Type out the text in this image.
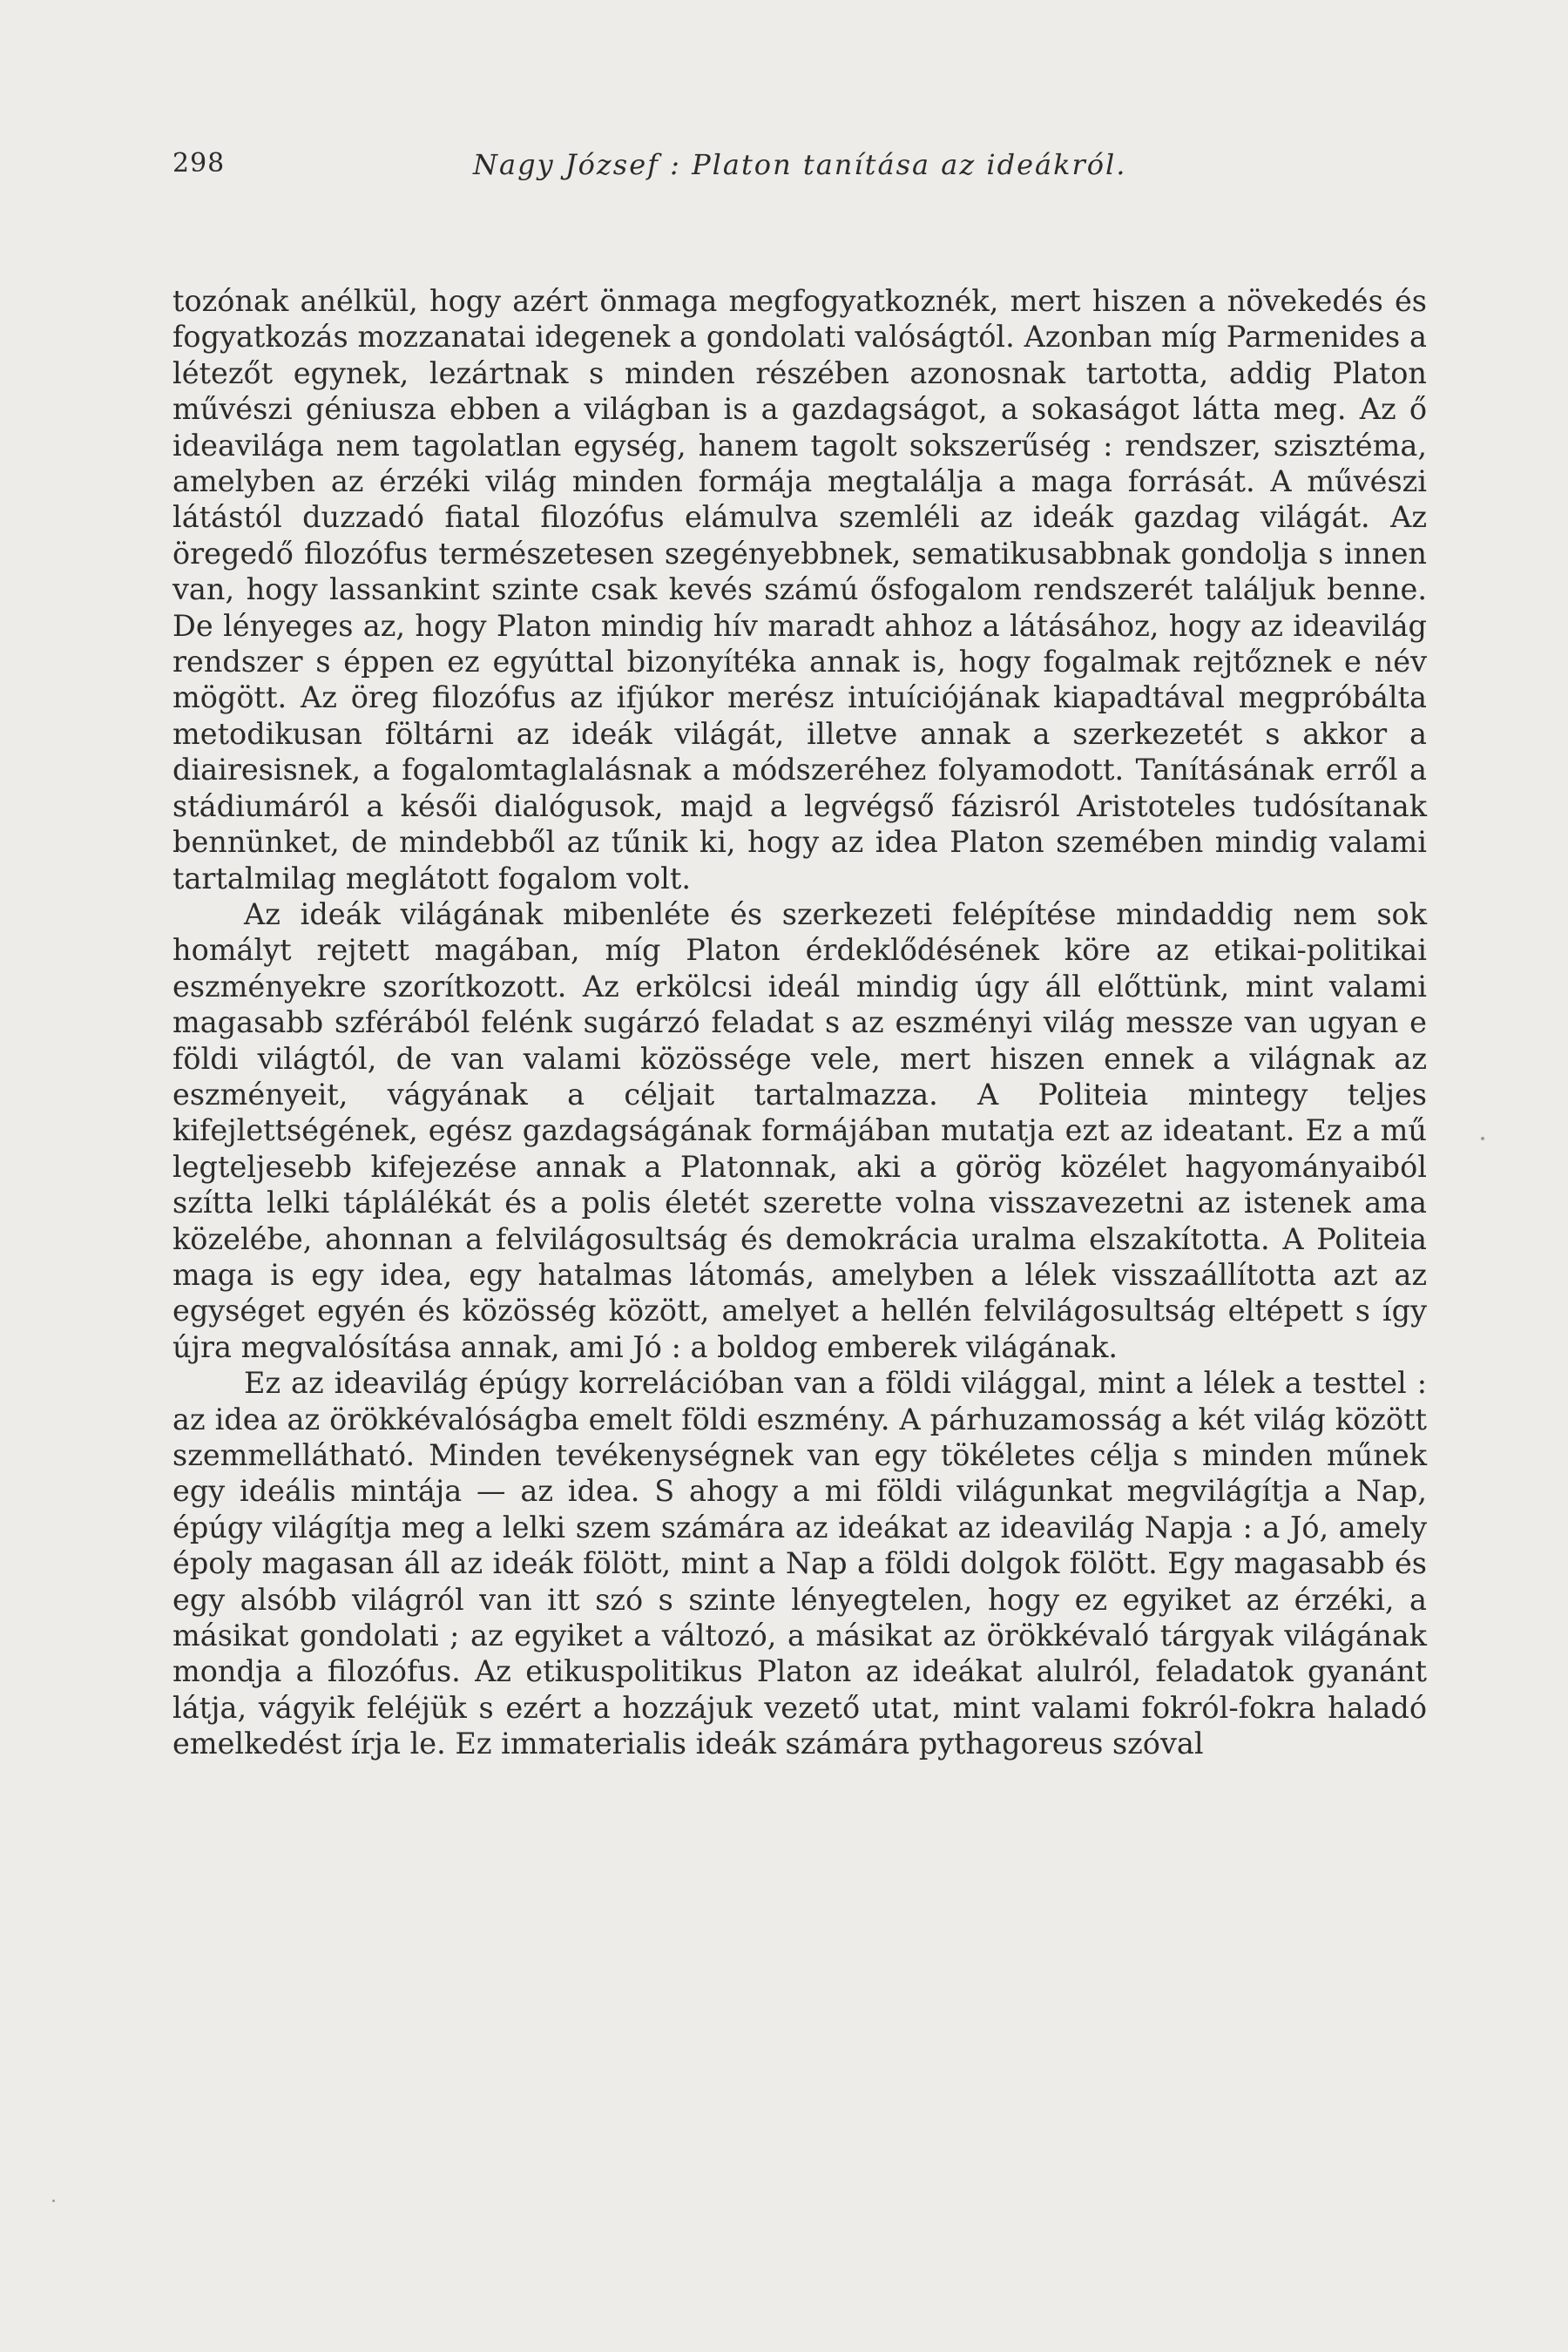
298	Nagy József : Platon tanítása az ideákról.

tozónak anélkül, hogy azért önmaga megfogyatkoznék, mert hiszen a növekedés és fogyatkozás mozzanatai idegenek a gondolati valóságtól. Azonban míg Parmenides a létezőt egynek, lezártnak s minden részében azonosnak tartotta, addig Platon művészi géniusza ebben a világban is a gazdagságot, a sokaságot látta meg. Az ő ideavilága nem tagolatlan egység, hanem tagolt sokszerűség : rendszer, szisztéma, amelyben az érzéki világ minden formája megtalálja a maga forrását. A művészi látástól duzzadó fiatal filozófus elámulva szemléli az ideák gazdag világát. Az öregedő filozófus természetesen szegényebbnek, sematikusabbnak gondolja s innen van, hogy lassankint szinte csak kevés számú ősfogalom rendszerét találjuk benne. De lényeges az, hogy Platon mindig hív maradt ahhoz a látásához, hogy az ideavilág rendszer s éppen ez egyúttal bizonyítéka annak is, hogy fogalmak rejtőznek e név mögött. Az öreg filozófus az ifjúkor merész intuíciójának kiapadtával megpróbálta metodikusan föltárni az ideák világát, illetve annak a szerkezetét s akkor a diairesisnek, a fogalomtaglalásnak a módszeréhez folyamodott. Tanításának erről a stádiumáról a késői dialógusok, majd a legvégső fázisról Aristoteles tudósítanak bennünket, de mindebből az tűnik ki, hogy az idea Platon szemében mindig valami tartalmilag meglátott fogalom volt.

Az ideák világának mibenléte és szerkezeti felépítése mindaddig nem sok homályt rejtett magában, míg Platon érdeklődésének köre az etikai-politikai eszményekre szorítkozott. Az erkölcsi ideál mindig úgy áll előttünk, mint valami magasabb szférából felénk sugárzó feladat s az eszményi világ messze van ugyan e földi világtól, de van valami közössége vele, mert hiszen ennek a világnak az eszményeit, vágyának a céljait tartalmazza. A Politeia mintegy teljes kifejlettségének, egész gazdagságának formájában mutatja ezt az ideatant. Ez a mű legteljesebb kifejezése annak a Platonnak, aki a görög közélet hagyományaiból szítta lelki táplálékát és a polis életét szerette volna visszavezetni az istenek ama közelébe, ahonnan a felvilágosultság és demokrácia uralma elszakította. A Politeia maga is egy idea, egy hatalmas látomás, amelyben a lélek visszaállította azt az egységet egyén és közösség között, amelyet a hellén felvilágosultság eltépett s így újra megvalósítása annak, ami Jó : a boldog emberek világának.

Ez az ideavilág épúgy korrelációban van a földi világgal, mint a lélek a testtel : az idea az örökkévalóságba emelt földi eszmény. A párhuzamosság a két világ között szemmellátható. Minden tevékenységnek van egy tökéletes célja s minden műnek egy ideális mintája — az idea. S ahogy a mi földi világunkat megvilágítja a Nap, épúgy világítja meg a lelki szem számára az ideákat az ideavilág Napja : a Jó, amely époly magasan áll az ideák fölött, mint a Nap a földi dolgok fölött. Egy magasabb és egy alsóbb világról van itt szó s szinte lényegtelen, hogy ez egyiket az érzéki, a másikat gondolati ; az egyiket a változó, a másikat az örökkévaló tárgyak világának mondja a filozófus. Az etikuspolitikus Platon az ideákat alulról, feladatok gyanánt látja, vágyik feléjük s ezért a hozzájuk vezető utat, mint valami fokról-fokra haladó emelkedést írja le. Ez immaterialis ideák számára pythagoreus szóval
